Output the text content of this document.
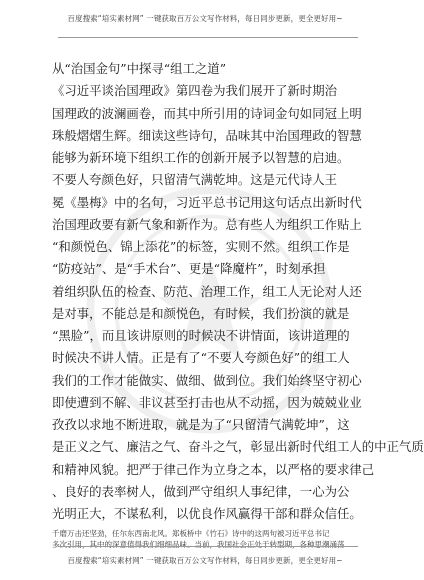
百度搜索“培实素材网” 一键获取百万公文写作材料，每日同步更新，更全更好用~
从“治国金句”中探寻“组工之道”
《习近平谈治国理政》第四卷为我们展开了新时期治
国理政的波澜画卷，而其中所引用的诗词金句如同冠上明
珠般熠熠生辉。细读这些诗句，品味其中治国理政的智慧
能够为新环境下组织工作的创新开展予以智慧的启迪。
不要人夸颜色好，只留清气满乾坤。这是元代诗人王
冕《墨梅》中的名句，习近平总书记用这句话点出新时代
治国理政要有新气象和新作为。总有些人为组织工作贴上
“和颜悦色、锦上添花”的标签，实则不然。组织工作是
“防疫站”、是“手术台”、更是“降魔杵”，时刻承担
着组织队伍的检查、防范、治理工作，组工人无论对人还
是对事，不能总是和颜悦色，有时候，我们扮演的就是
“黑脸”，而且该讲原则的时候决不讲情面，该讲道理的
时候决不讲人情。正是有了“不要人夸颜色好”的组工人
我们的工作才能做实、做细、做到位。我们始终坚守初心
即使遭到不解、非议甚至打击也从不动摇，因为兢兢业业
孜孜以求地不断进取，就是为了“只留清气满乾坤”，这
是正义之气、廉洁之气、奋斗之气，彰显出新时代组工人的中正气质
和精神风貌。把严于律己作为立身之本，以严格的要求律己
、良好的表率树人，做到严守组织人事纪律，一心为公
光明正大，不谋私利，以优良作风赢得干部和群众信任。
千磨万击还坚劲，任尔东西南北风。郑板桥中《竹石》诗中的这两句被习近平总书记
多次引用，其中的深意值得我们细细品味。当前，我国社会正处于转型期，各种思潮涌荡
百度搜索“培实素材网” 一键获取百万公文写作材料，每日同步更新，更全更好用~
